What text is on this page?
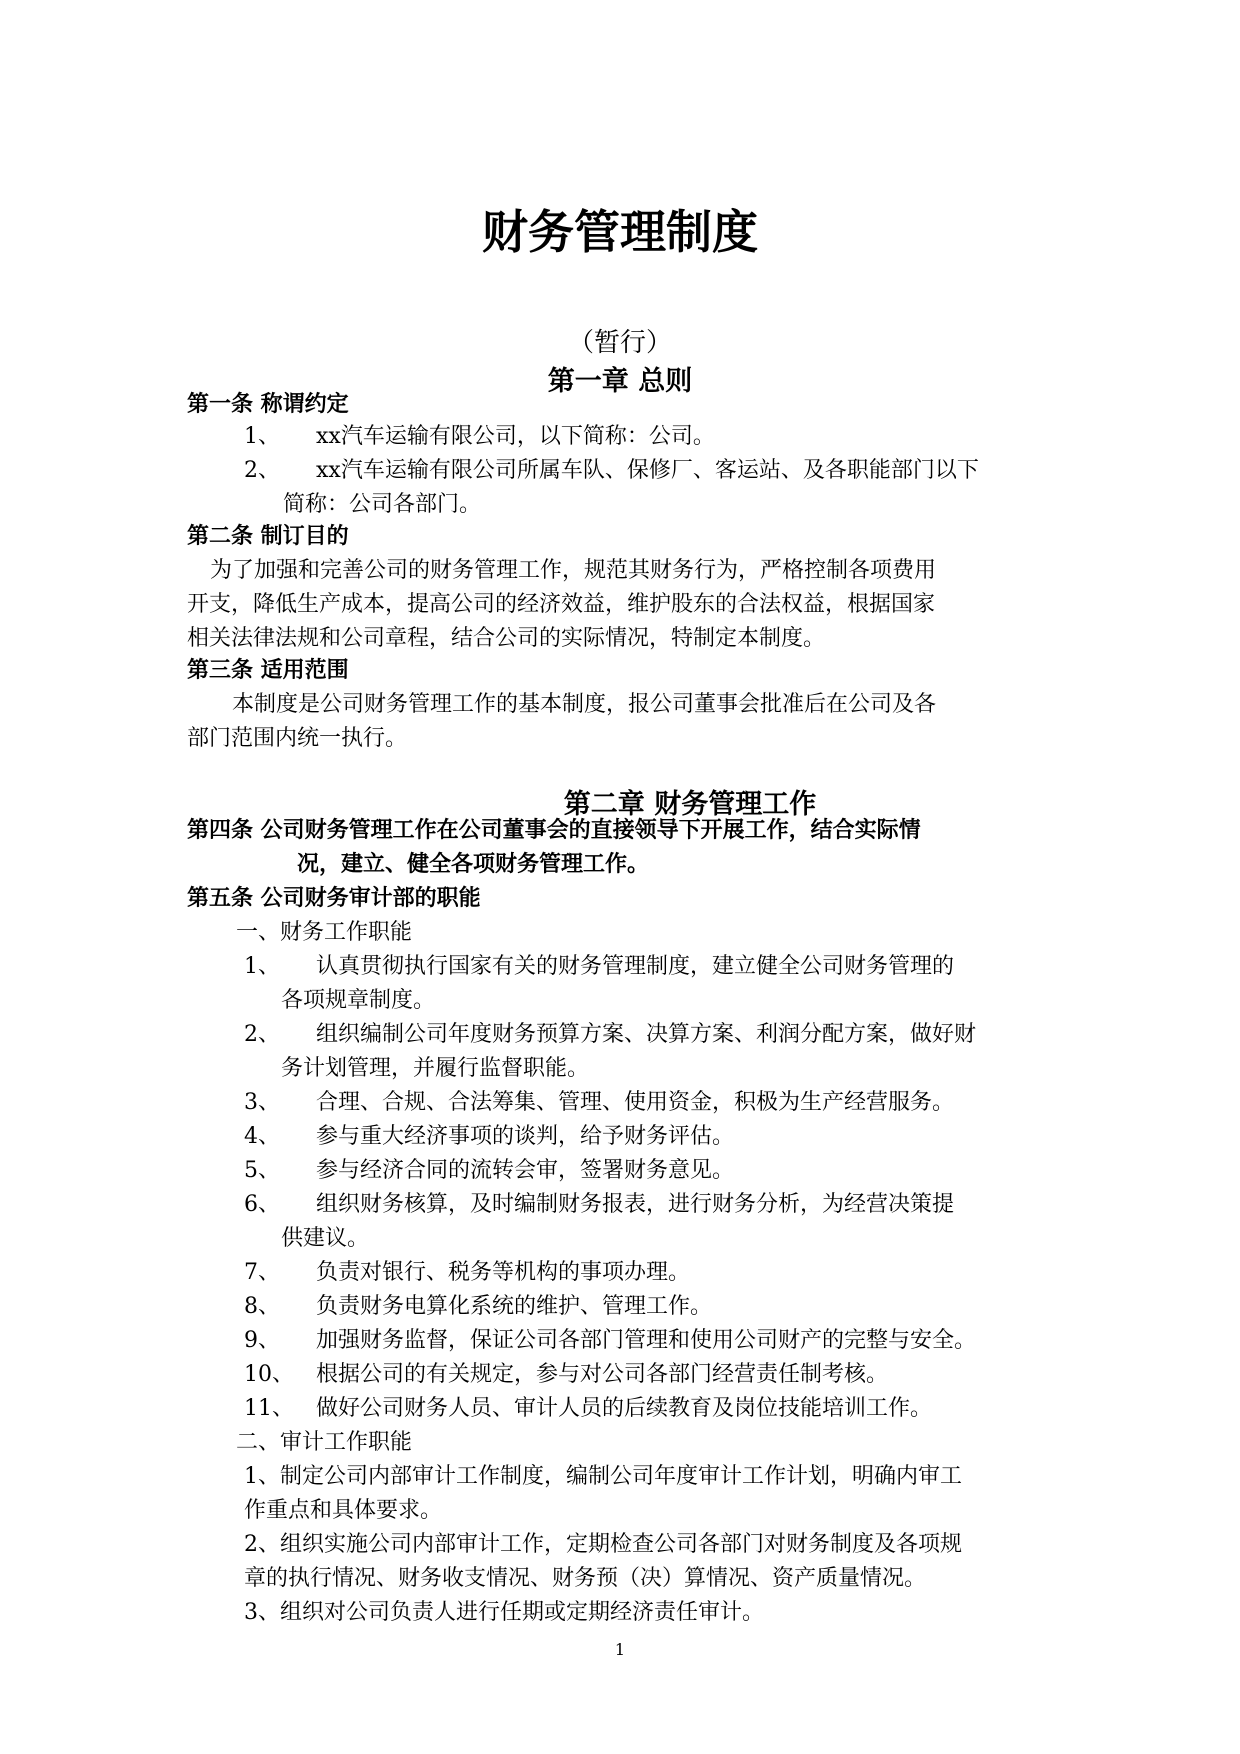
财务管理制度
（暂行）
第一章 总则
第一条 称谓约定
1、 xx汽车运输有限公司，以下简称：公司。
2、 xx汽车运输有限公司所属车队、保修厂、客运站、及各职能部门以下
简称：公司各部门。
第二条 制订目的
为了加强和完善公司的财务管理工作，规范其财务行为，严格控制各项费用
开支，降低生产成本，提高公司的经济效益，维护股东的合法权益，根据国家
相关法律法规和公司章程，结合公司的实际情况，特制定本制度。
第三条 适用范围
本制度是公司财务管理工作的基本制度，报公司董事会批准后在公司及各
部门范围内统一执行。
第二章 财务管理工作
第四条 公司财务管理工作在公司董事会的直接领导下开展工作，结合实际情
况，建立、健全各项财务管理工作。
第五条 公司财务审计部的职能
一、财务工作职能
1、 认真贯彻执行国家有关的财务管理制度，建立健全公司财务管理的
各项规章制度。
2、 组织编制公司年度财务预算方案、决算方案、利润分配方案，做好财
务计划管理，并履行监督职能。
3、 合理、合规、合法筹集、管理、使用资金，积极为生产经营服务。
4、 参与重大经济事项的谈判，给予财务评估。
5、 参与经济合同的流转会审，签署财务意见。
6、 组织财务核算，及时编制财务报表，进行财务分析，为经营决策提
供建议。
7、 负责对银行、税务等机构的事项办理。
8、 负责财务电算化系统的维护、管理工作。
9、 加强财务监督，保证公司各部门管理和使用公司财产的完整与安全。
10、 根据公司的有关规定，参与对公司各部门经营责任制考核。
11、 做好公司财务人员、审计人员的后续教育及岗位技能培训工作。
二、审计工作职能
1、制定公司内部审计工作制度，编制公司年度审计工作计划，明确内审工
作重点和具体要求。
2、组织实施公司内部审计工作，定期检查公司各部门对财务制度及各项规
章的执行情况、财务收支情况、财务预（决）算情况、资产质量情况。
3、组织对公司负责人进行任期或定期经济责任审计。
1
